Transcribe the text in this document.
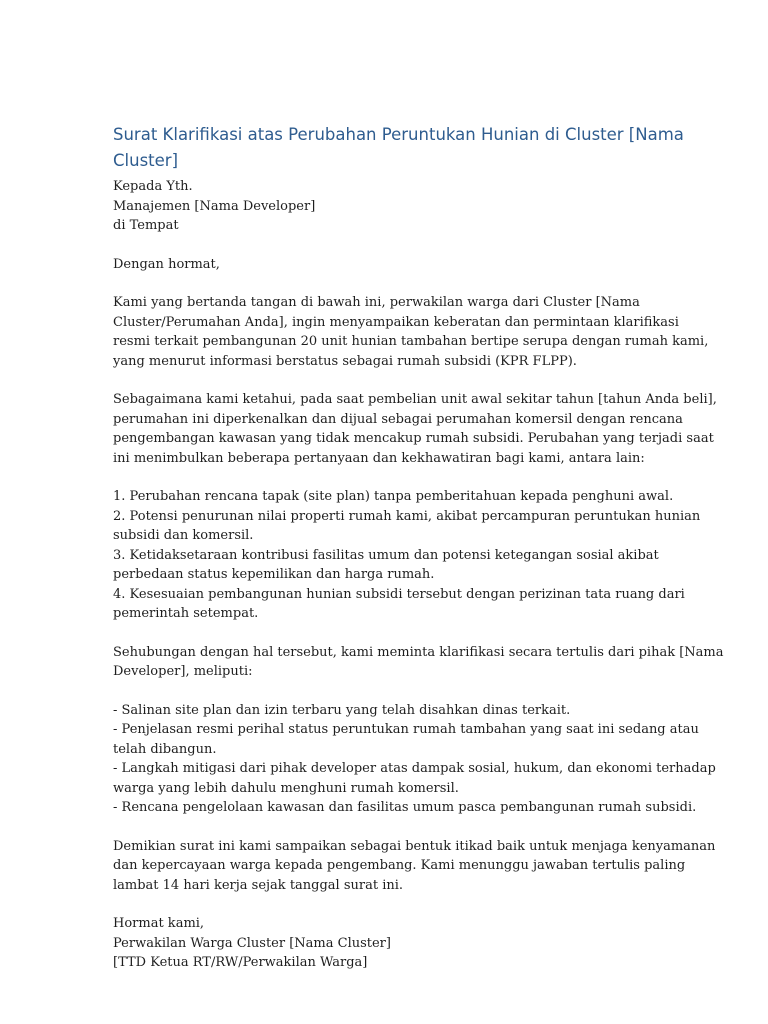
Surat Klarifikasi atas Perubahan Peruntukan Hunian di Cluster [Nama
Cluster]
Kepada Yth.
Manajemen [Nama Developer]
di Tempat
Dengan hormat,
Kami yang bertanda tangan di bawah ini, perwakilan warga dari Cluster [Nama
Cluster/Perumahan Anda], ingin menyampaikan keberatan dan permintaan klarifikasi
resmi terkait pembangunan 20 unit hunian tambahan bertipe serupa dengan rumah kami,
yang menurut informasi berstatus sebagai rumah subsidi (KPR FLPP).
Sebagaimana kami ketahui, pada saat pembelian unit awal sekitar tahun [tahun Anda beli],
perumahan ini diperkenalkan dan dijual sebagai perumahan komersil dengan rencana
pengembangan kawasan yang tidak mencakup rumah subsidi. Perubahan yang terjadi saat
ini menimbulkan beberapa pertanyaan dan kekhawatiran bagi kami, antara lain:
1. Perubahan rencana tapak (site plan) tanpa pemberitahuan kepada penghuni awal.
2. Potensi penurunan nilai properti rumah kami, akibat percampuran peruntukan hunian
subsidi dan komersil.
3. Ketidaksetaraan kontribusi fasilitas umum dan potensi ketegangan sosial akibat
perbedaan status kepemilikan dan harga rumah.
4. Kesesuaian pembangunan hunian subsidi tersebut dengan perizinan tata ruang dari
pemerintah setempat.
Sehubungan dengan hal tersebut, kami meminta klarifikasi secara tertulis dari pihak [Nama
Developer], meliputi:
- Salinan site plan dan izin terbaru yang telah disahkan dinas terkait.
- Penjelasan resmi perihal status peruntukan rumah tambahan yang saat ini sedang atau
telah dibangun.
- Langkah mitigasi dari pihak developer atas dampak sosial, hukum, dan ekonomi terhadap
warga yang lebih dahulu menghuni rumah komersil.
- Rencana pengelolaan kawasan dan fasilitas umum pasca pembangunan rumah subsidi.
Demikian surat ini kami sampaikan sebagai bentuk itikad baik untuk menjaga kenyamanan
dan kepercayaan warga kepada pengembang. Kami menunggu jawaban tertulis paling
lambat 14 hari kerja sejak tanggal surat ini.
Hormat kami,
Perwakilan Warga Cluster [Nama Cluster]
[TTD Ketua RT/RW/Perwakilan Warga]
